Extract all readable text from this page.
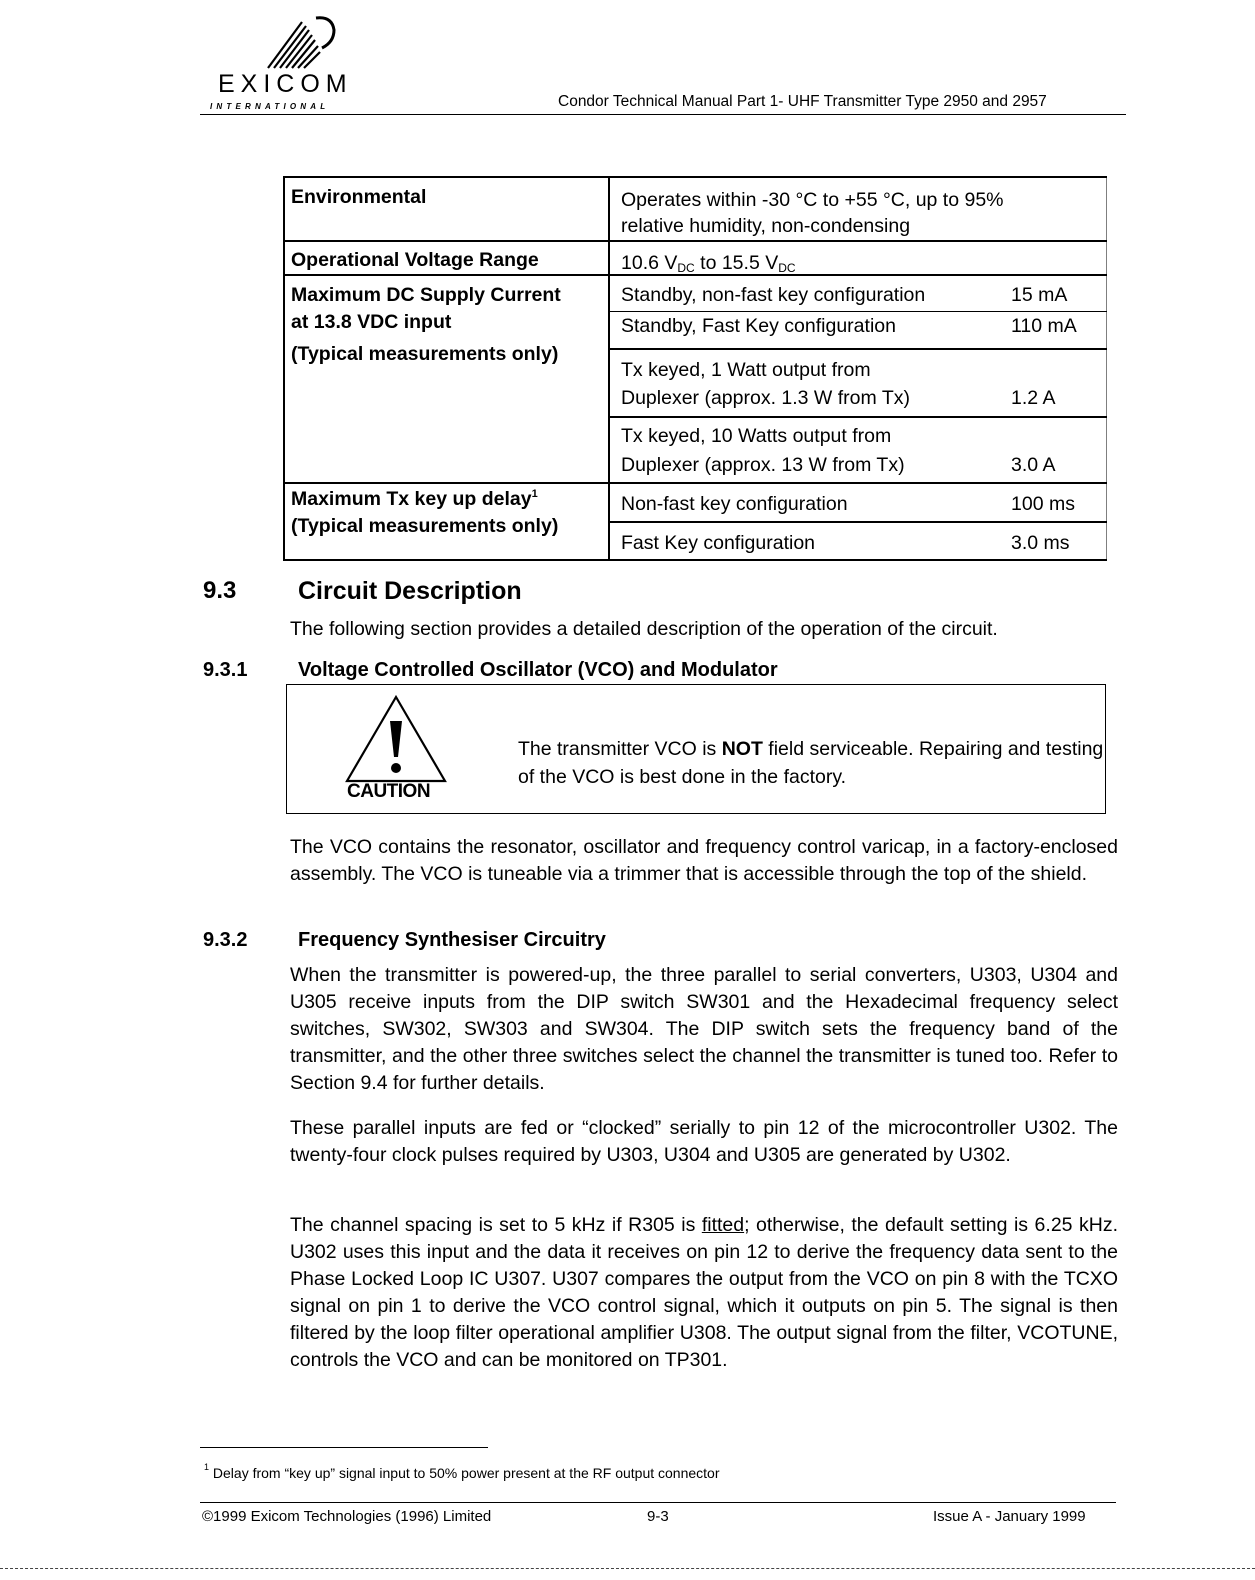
EXICOM
INTERNATIONAL	Condor Technical Manual Part 1- UHF Transmitter Type 2950 and 2957
Environmental	Operates within -30 °C to +55 °C, up to 95%
relative humidity, non-condensing
Operational Voltage Range	10.6 $V_{DC}$ to 15.5 $V_{DC}$
Maximum DC Supply Current
at 13.8 VDC input
(Typical measurements only)
Standby, non-fast key configuration	15 mA
Standby, Fast Key configuration	110 mA
Tx keyed, 1 Watt output from
Duplexer (approx. 1.3 W from Tx)	1.2 A
Tx keyed, 10 Watts output from
Duplexer (approx. 13 W from Tx)	3.0 A
Maximum Tx key up delay$^1$
(Typical measurements only)
Non-fast key configuration	100 ms
Fast Key configuration	3.0 ms
9.3 Circuit Description
The following section provides a detailed description of the operation of the circuit.
9.3.1	Voltage Controlled Oscillator (VCO) and Modulator
CAUTION
The transmitter VCO is NOT field serviceable. Repairing and testing of the VCO is best done in the factory.
The VCO contains the resonator, oscillator and frequency control varicap, in a factory-enclosed assembly. The VCO is tuneable via a trimmer that is accessible through the top of the shield.
9.3.2	Frequency Synthesiser Circuitry
When the transmitter is powered-up, the three parallel to serial converters, U303, U304 and U305 receive inputs from the DIP switch SW301 and the Hexadecimal frequency select switches, SW302, SW303 and SW304. The DIP switch sets the frequency band of the transmitter, and the other three switches select the channel the transmitter is tuned too. Refer to Section 9.4 for further details.
These parallel inputs are fed or “clocked” serially to pin 12 of the microcontroller U302. The twenty-four clock pulses required by U303, U304 and U305 are generated by U302.
The channel spacing is set to 5 kHz if R305 is fitted; otherwise, the default setting is 6.25 kHz. U302 uses this input and the data it receives on pin 12 to derive the frequency data sent to the Phase Locked Loop IC U307. U307 compares the output from the VCO on pin 8 with the TCXO signal on pin 1 to derive the VCO control signal, which it outputs on pin 5. The signal is then filtered by the loop filter operational amplifier U308. The output signal from the filter, VCOTUNE, controls the VCO and can be monitored on TP301.
$^1$ Delay from “key up” signal input to 50% power present at the RF output connector
©1999 Exicom Technologies (1996) Limited	9-3	Issue A - January 1999
